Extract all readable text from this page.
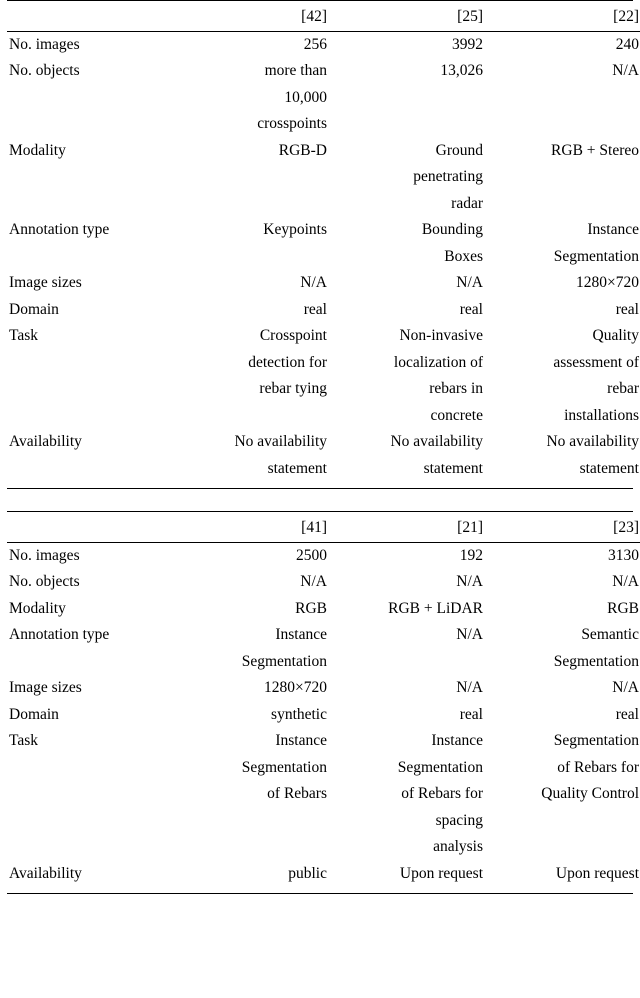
	[42]	[25]	[22]
No. images	256	3992	240
No. objects	more than	13,026	N/A
	10,000		
	crosspoints		
Modality	RGB-D	Ground	RGB + Stereo
		penetrating	
		radar	
Annotation type	Keypoints	Bounding	Instance
		Boxes	Segmentation
Image sizes	N/A	N/A	1280×720
Domain	real	real	real
Task	Crosspoint	Non-invasive	Quality
	detection for	localization of	assessment of
	rebar tying	rebars in	rebar
		concrete	installations
Availability	No availability	No availability	No availability
	statement	statement	statement
	[41]	[21]	[23]
No. images	2500	192	3130
No. objects	N/A	N/A	N/A
Modality	RGB	RGB + LiDAR	RGB
Annotation type	Instance	N/A	Semantic
	Segmentation		Segmentation
Image sizes	1280×720	N/A	N/A
Domain	synthetic	real	real
Task	Instance	Instance	Segmentation
	Segmentation	Segmentation	of Rebars for
	of Rebars	of Rebars for	Quality Control
		spacing	
		analysis	
Availability	public	Upon request	Upon request
